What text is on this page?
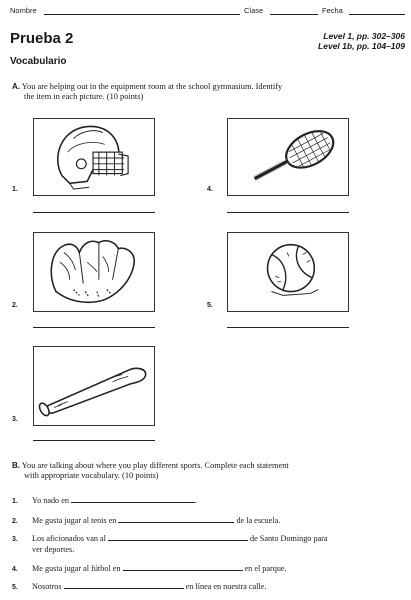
Nombre	Clase	Fecha
Prueba 2	Level 1, pp. 302–306
Level 1b, pp. 104–109
Vocabulario
A. You are helping out in the equipment room at the school gymnasium. Identify
the item in each picture. (10 points)
1.	4.
2.	5.
3.
B. You are talking about where you play different sports. Complete each statement
with appropriate vocabulary. (10 points)
1. Yo nado en	.
2. Me gusta jugar al tenis en	de la escuela.
3. Los aficionados van al	de Santo Domingo para
ver deportes.
4. Me gusta jugar al fútbol en	en el parque.
5. Nosotros	en línea en nuestra calle.
